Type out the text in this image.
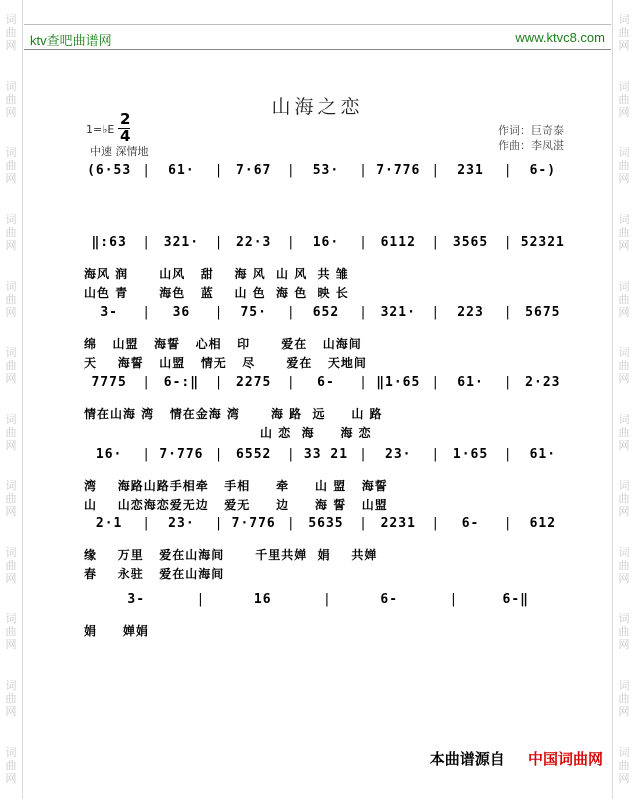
词
曲
网
词
曲
网
词
曲
网
词
曲
网
词
曲
网
词
曲
网
词
曲
网
词
曲
网
词
曲
网
词
曲
网
词
曲
网
词
曲
网
词
曲
网
词
曲
网
词
曲
网
词
曲
网
词
曲
网
词
曲
网
词
曲
网
词
曲
网
词
曲
网
词
曲
网
词
曲
网
词
曲
网
ktv查吧曲谱网	www.ktvc8.com
山海之恋
1=♭E
2
4
中速 深情地
作词：巨奇泰
作曲：李凤湛
(6·53 |	61·	| 7·67	|	53·	| 7·776 |	231	|	6-)
‖:63	| 321·	| 22·3	|	16·	| 6112	| 3565	| 52321
海风 润      山风   甜    海 风  山 风  共 雏
山色 青      海色   蓝    山 色  海 色  映 长
3-	|	36	|	75·	|	652	| 321·	|	223	| 5675
绵   山盟   海誓   心相   印      爱在   山海间
天    海誓   山盟   情无   尽      爱在   天地间
7775	| 6-:‖	| 2275	|	6-	| ‖1·65 |	61·	| 2·23
情在山海 湾   情在金海 湾      海 路  远     山 路
山 恋  海     海 恋
16·	| 7·776 | 6552	| 33 21 |	23·	| 1·65	|	61·
湾    海路山路手相牵   手相     牵     山 盟   海誓
山    山恋海恋爱无边   爱无     边     海 誓   山盟
2·1	|	23·	| 7·776 | 5635	| 2231	|	6-	|	612
缘    万里   爱在山海间      千里共婵  娟    共婵
春    永驻   爱在山海间
3-	|	16	|	6-	|	6-‖
娟     婵娟
本曲谱源自 中国词曲网
